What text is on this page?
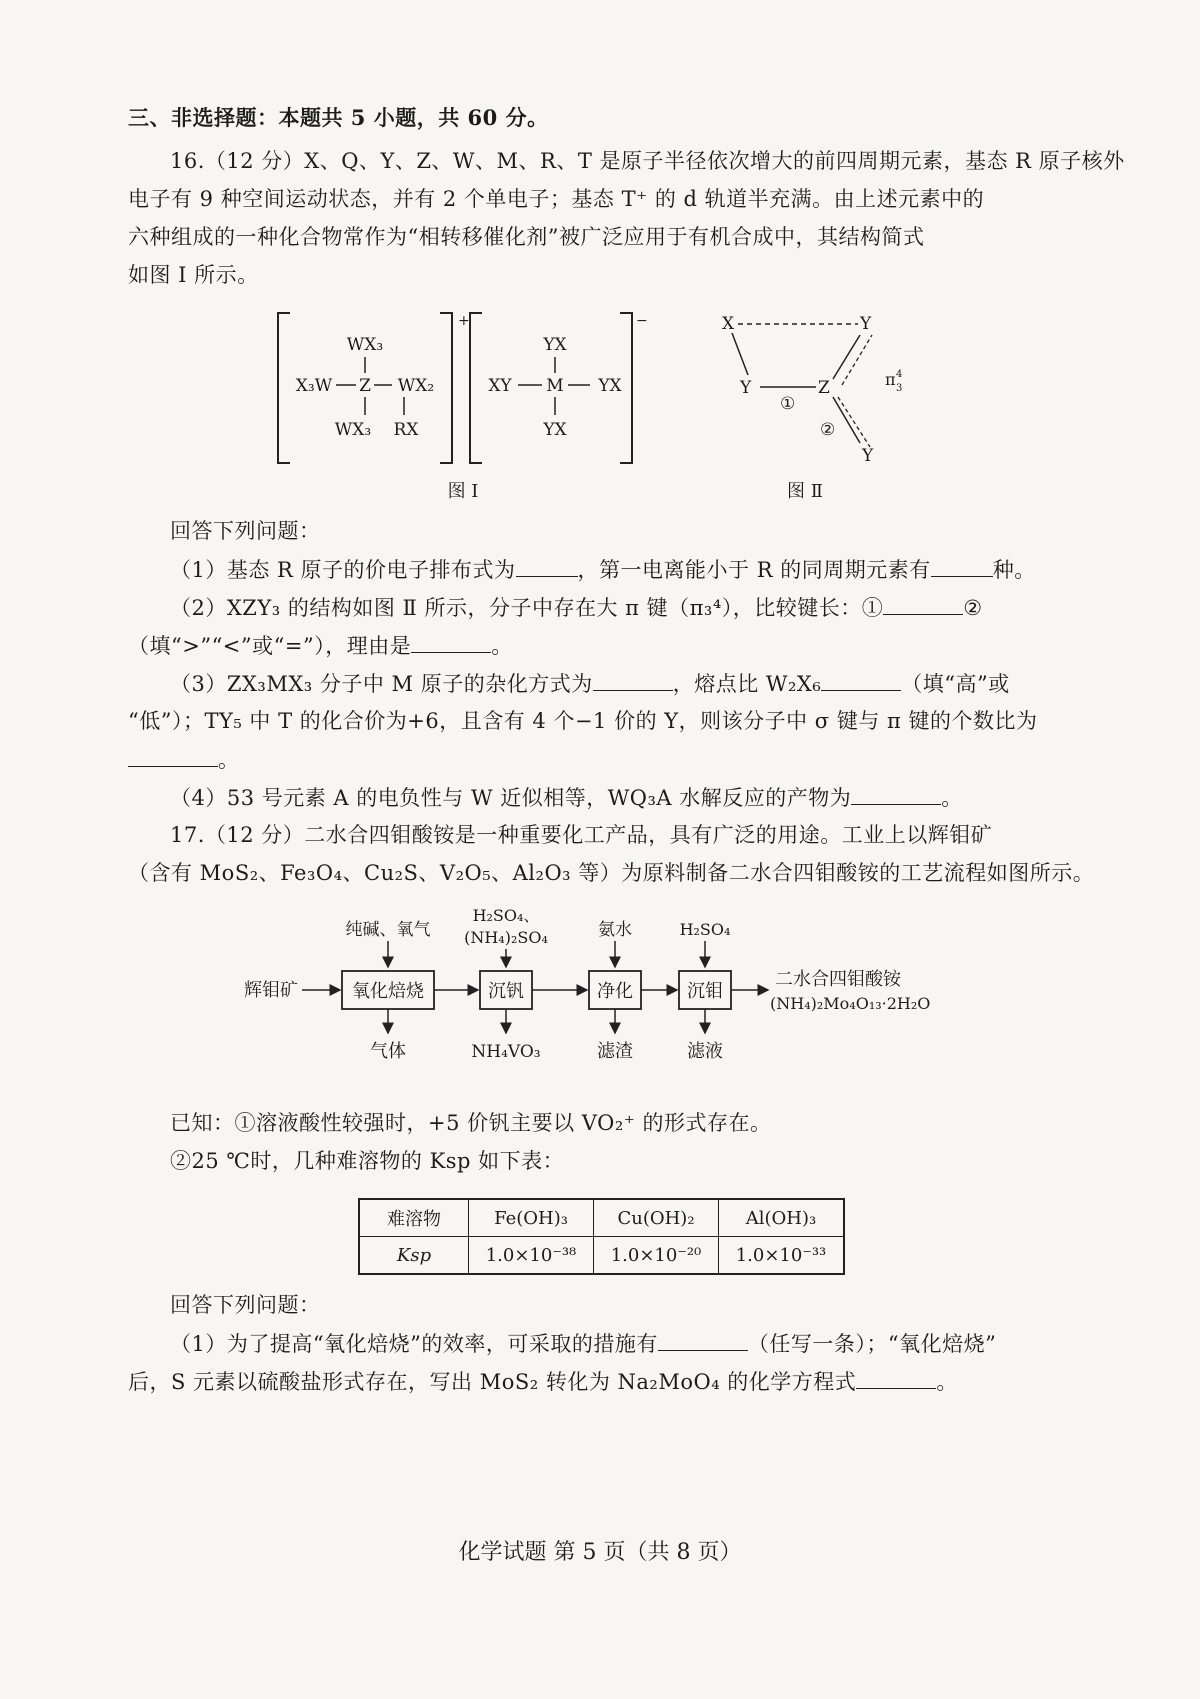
三、非选择题：本题共 5 小题，共 60 分。
16.（12 分）X、Q、Y、Z、W、M、R、T 是原子半径依次增大的前四周期元素，基态 R 原子核外
电子有 9 种空间运动状态，并有 2 个单电子；基态 T⁺ 的 d 轨道半充满。由上述元素中的
六种组成的一种化合物常作为“相转移催化剂”被广泛应用于有机合成中，其结构简式
如图 Ⅰ 所示。
+
WX₃
X₃W Z WX₂
WX₃ RX
−
YX
XY M YX
YX
图 Ⅰ
X	Y
Y
①
Z
②
Y
π 4
3
图 Ⅱ
回答下列问题：
（1）基态 R 原子的价电子排布式为	，第一电离能小于 R 的同周期元素有	种。
（2）XZY₃ 的结构如图 Ⅱ 所示，分子中存在大 π 键（π₃⁴），比较键长：①	②
（填“>”“<”或“=”），理由是	。
（3）ZX₃MX₃ 分子中 M 原子的杂化方式为	，熔点比 W₂X₆	（填“高”或
“低”）；TY₅ 中 T 的化合价为+6，且含有 4 个−1 价的 Y，则该分子中 σ 键与 π 键的个数比为
。
（4）53 号元素 A 的电负性与 W 近似相等，WQ₃A 水解反应的产物为	。
17.（12 分）二水合四钼酸铵是一种重要化工产品，具有广泛的用途。工业上以辉钼矿
（含有 MoS₂、Fe₃O₄、Cu₂S、V₂O₅、Al₂O₃ 等）为原料制备二水合四钼酸铵的工艺流程如图所示。
纯碱、氧气
H₂SO₄、
(NH₄)₂SO₄	氨水	H₂SO₄
辉钼矿	氧化焙烧	沉钒	净化	沉钼
二水合四钼酸铵
(NH₄)₂Mo₄O₁₃·2H₂O
气体	NH₄VO₃	滤渣	滤液
已知：①溶液酸性较强时，+5 价钒主要以 VO₂⁺ 的形式存在。
②25 ℃时，几种难溶物的 Ksp 如下表：
难溶物	Fe(OH)₃	Cu(OH)₂	Al(OH)₃
Ksp	1.0×10⁻³⁸	1.0×10⁻²⁰	1.0×10⁻³³
回答下列问题：
（1）为了提高“氧化焙烧”的效率，可采取的措施有	（任写一条）；“氧化焙烧”
后，S 元素以硫酸盐形式存在，写出 MoS₂ 转化为 Na₂MoO₄ 的化学方程式	。
化学试题 第 5 页（共 8 页）
